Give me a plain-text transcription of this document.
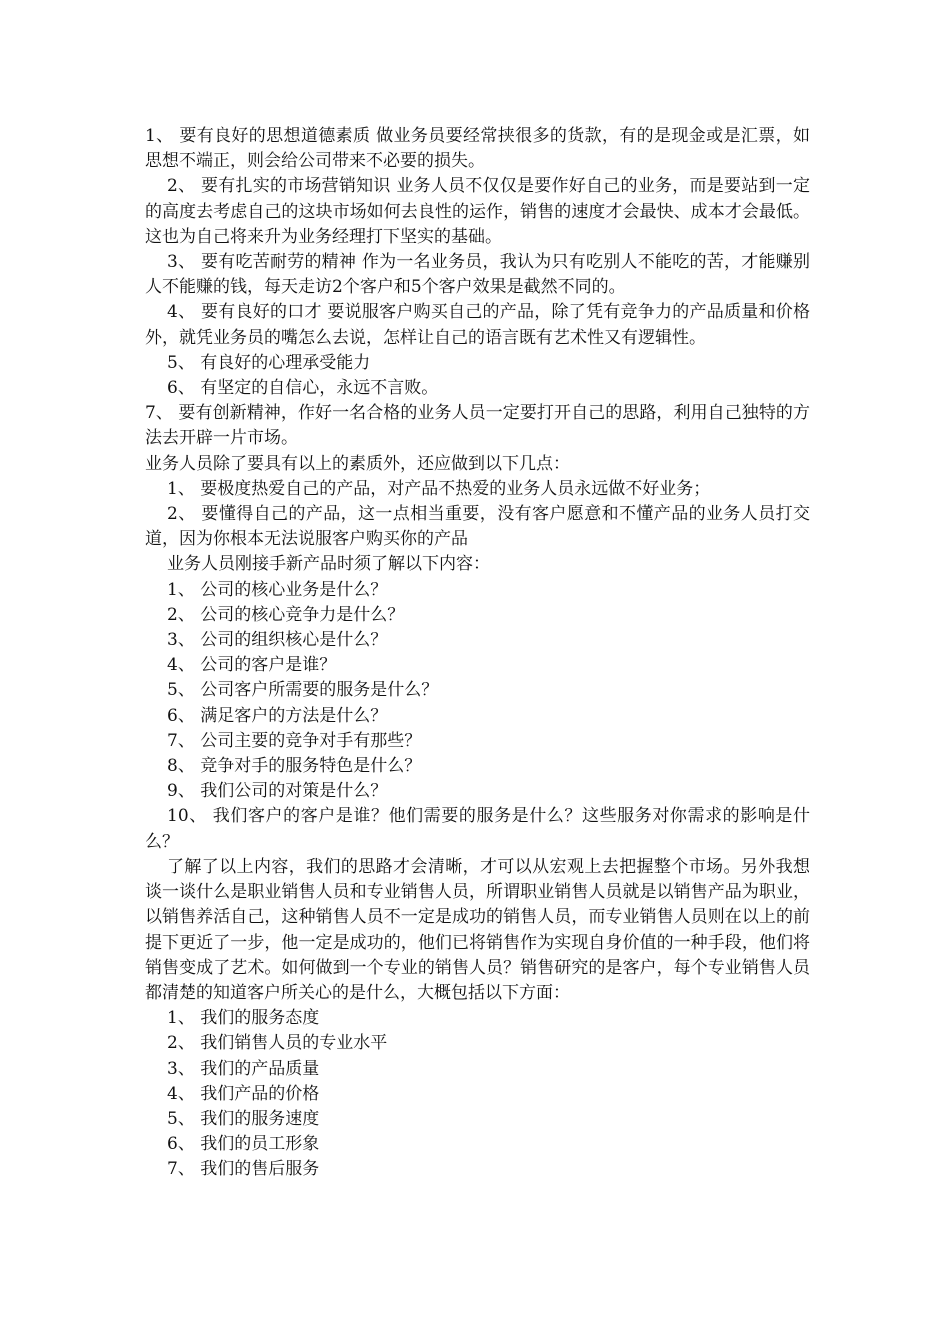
1、 要有良好的思想道德素质 做业务员要经常挟很多的货款，有的是现金或是汇票，如思想不端正，则会给公司带来不必要的损失。

2、 要有扎实的市场营销知识 业务人员不仅仅是要作好自己的业务，而是要站到一定的高度去考虑自己的这块市场如何去良性的运作，销售的速度才会最快、成本才会最低。这也为自己将来升为业务经理打下坚实的基础。

3、 要有吃苦耐劳的精神 作为一名业务员，我认为只有吃别人不能吃的苦，才能赚别人不能赚的钱，每天走访2个客户和5个客户效果是截然不同的。

4、 要有良好的口才 要说服客户购买自己的产品，除了凭有竞争力的产品质量和价格外，就凭业务员的嘴怎么去说，怎样让自己的语言既有艺术性又有逻辑性。

5、 有良好的心理承受能力

6、 有坚定的自信心，永远不言败。

7、 要有创新精神，作好一名合格的业务人员一定要打开自己的思路，利用自己独特的方法去开辟一片市场。

业务人员除了要具有以上的素质外，还应做到以下几点：

1、 要极度热爱自己的产品，对产品不热爱的业务人员永远做不好业务；

2、 要懂得自己的产品，这一点相当重要，没有客户愿意和不懂产品的业务人员打交道，因为你根本无法说服客户购买你的产品

业务人员刚接手新产品时须了解以下内容：

1、 公司的核心业务是什么？

2、 公司的核心竞争力是什么？

3、 公司的组织核心是什么？

4、 公司的客户是谁？

5、 公司客户所需要的服务是什么？

6、 满足客户的方法是什么？

7、 公司主要的竞争对手有那些？

8、 竞争对手的服务特色是什么？

9、 我们公司的对策是什么？

10、 我们客户的客户是谁？他们需要的服务是什么？这些服务对你需求的影响是什么？

了解了以上内容，我们的思路才会清晰，才可以从宏观上去把握整个市场。另外我想谈一谈什么是职业销售人员和专业销售人员，所谓职业销售人员就是以销售产品为职业，以销售养活自己，这种销售人员不一定是成功的销售人员，而专业销售人员则在以上的前提下更近了一步，他一定是成功的，他们已将销售作为实现自身价值的一种手段，他们将销售变成了艺术。如何做到一个专业的销售人员？销售研究的是客户，每个专业销售人员都清楚的知道客户所关心的是什么，大概包括以下方面：

1、 我们的服务态度

2、 我们销售人员的专业水平

3、 我们的产品质量

4、 我们产品的价格

5、 我们的服务速度

6、 我们的员工形象

7、 我们的售后服务
